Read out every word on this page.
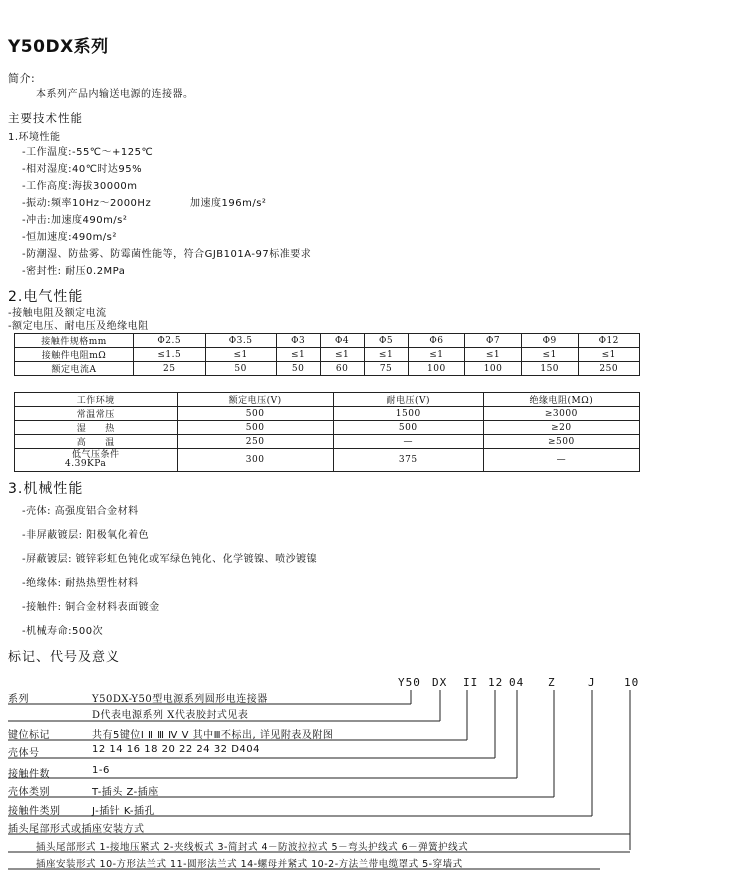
Y50DX系列
简介:
本系列产品内输送电源的连接器。
主要技术性能
1.环境性能
-工作温度:-55℃～+125℃
-相对湿度:40℃时达95%
-工作高度:海拔30000m
-振动:频率10Hz～2000Hz	加速度196m/s²
-冲击:加速度490m/s²
-恒加速度:490m/s²
-防潮湿、防盐雾、防霉菌性能等，符合GJB101A-97标准要求
-密封性: 耐压0.2MPa
2.电气性能
-接触电阻及额定电流
-额定电压、耐电压及绝缘电阻
接触件规格mm	Φ2.5	Φ3.5	Φ3	Φ4	Φ5	Φ6	Φ7	Φ9	Φ12
接触件电阻mΩ	≤1.5	≤1	≤1	≤1	≤1	≤1	≤1	≤1	≤1
额定电流A	25	50	50	60	75	100	100	150	250
工作环境	额定电压(V)	耐电压(V)	绝缘电阻(MΩ)
常温常压	500	1500	≥3000
湿　　热	500	500	≥20
高　　温	250	—	≥500

低气压条件
4.39KPa	300	375	—
3.机械性能
-壳体: 高强度铝合金材料
-非屏蔽镀层: 阳极氧化着色
-屏蔽镀层: 镀锌彩虹色钝化或军绿色钝化、化学镀镍、喷沙镀镍
-绝缘体: 耐热热塑性材料
-接触件: 铜合金材料表面镀金
-机械寿命:500次
标记、代号及意义
Y50 DX II 12 04 Z	J	10
系列	Y50DX-Y50型电源系列圆形电连接器
D代表电源系列 X代表胶封式见表
键位标记	共有5键位Ⅰ Ⅱ Ⅲ Ⅳ Ⅴ 其中Ⅲ不标出, 详见附表及附图
壳体号	12 14 16 18 20 22 24 32 D404
接触件数	1-6
壳体类别	T-插头 Z-插座
接触件类别	J-插针 K-插孔
插头尾部形式或插座安装方式
插头尾部形式 1-接地压紧式 2-夹线板式 3-简封式 4－防波拉拉式 5－弯头护线式 6－弹簧护线式
插座安装形式 10-方形法兰式 11-圆形法兰式 14-螺母并紧式 10-2-方法兰带电缆罩式 5-穿墙式
